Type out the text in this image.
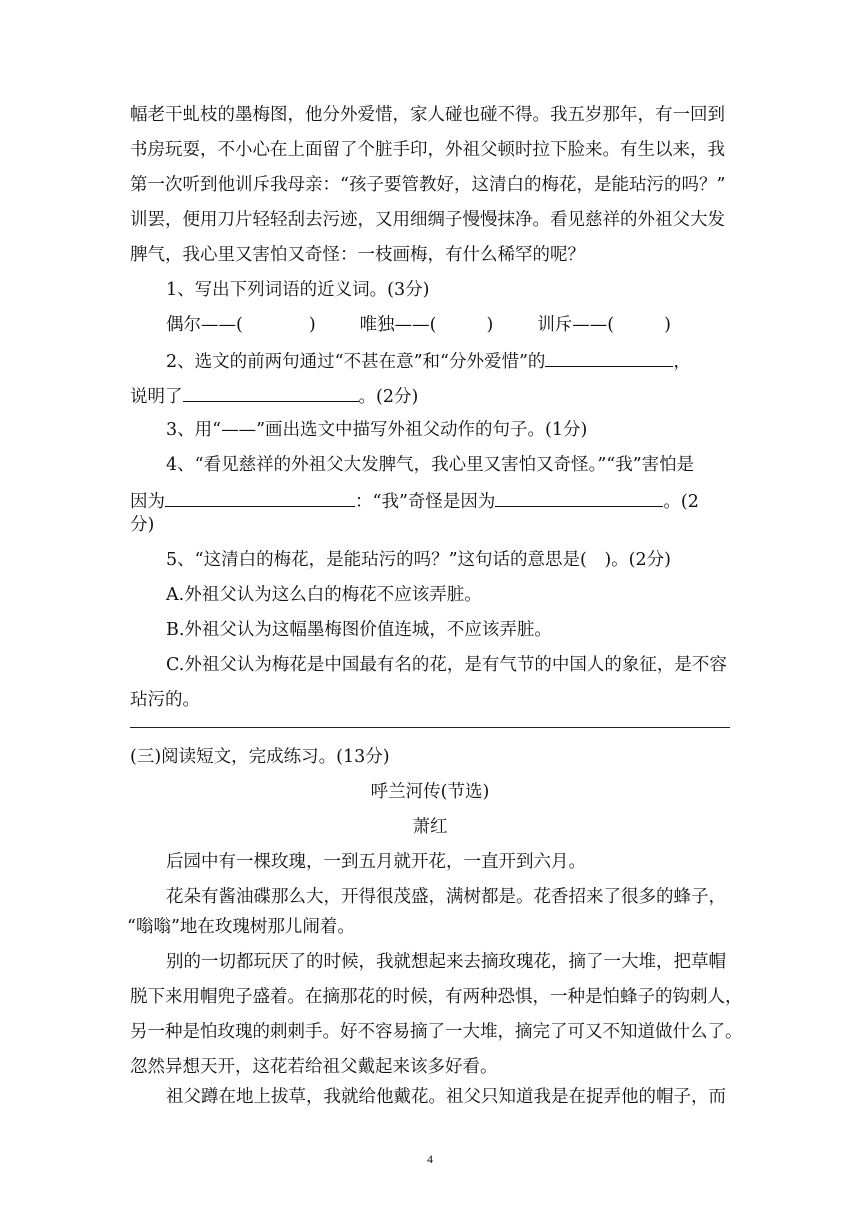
幅老干虬枝的墨梅图，他分外爱惜，家人碰也碰不得。我五岁那年，有一回到
书房玩耍，不小心在上面留了个脏手印，外祖父顿时拉下脸来。有生以来，我
第一次听到他训斥我母亲：“孩子要管教好，这清白的梅花，是能玷污的吗？”
训罢，便用刀片轻轻刮去污迹，又用细绸子慢慢抹净。看见慈祥的外祖父大发
脾气，我心里又害怕又奇怪：一枝画梅，有什么稀罕的呢？
1、写出下列词语的近义词。(3分)
偶尔——(	)	唯独——(	)	训斥——(	)
2、选文的前两句通过“不甚在意”和“分外爱惜”的	，
说明了	。(2分)
3、用“——”画出选文中描写外祖父动作的句子。(1分)
4、“看见慈祥的外祖父大发脾气，我心里又害怕又奇怪。”“我”害怕是
因为	：“我”奇怪是因为	。(2
分)
5、“这清白的梅花，是能玷污的吗？”这句话的意思是(　)。(2分)
A.外祖父认为这么白的梅花不应该弄脏。
B.外祖父认为这幅墨梅图价值连城，不应该弄脏。
C.外祖父认为梅花是中国最有名的花，是有气节的中国人的象征，是不容
玷污的。
(三)阅读短文，完成练习。(13分)
呼兰河传(节选)
萧红
后园中有一棵玫瑰，一到五月就开花，一直开到六月。
花朵有酱油碟那么大，开得很茂盛，满树都是。花香招来了很多的蜂子，
“嗡嗡”地在玫瑰树那儿闹着。
别的一切都玩厌了的时候，我就想起来去摘玫瑰花，摘了一大堆，把草帽
脱下来用帽兜子盛着。在摘那花的时候，有两种恐惧，一种是怕蜂子的钩刺人，
另一种是怕玫瑰的刺刺手。好不容易摘了一大堆，摘完了可又不知道做什么了。
忽然异想天开，这花若给祖父戴起来该多好看。
祖父蹲在地上拔草，我就给他戴花。祖父只知道我是在捉弄他的帽子，而
4
